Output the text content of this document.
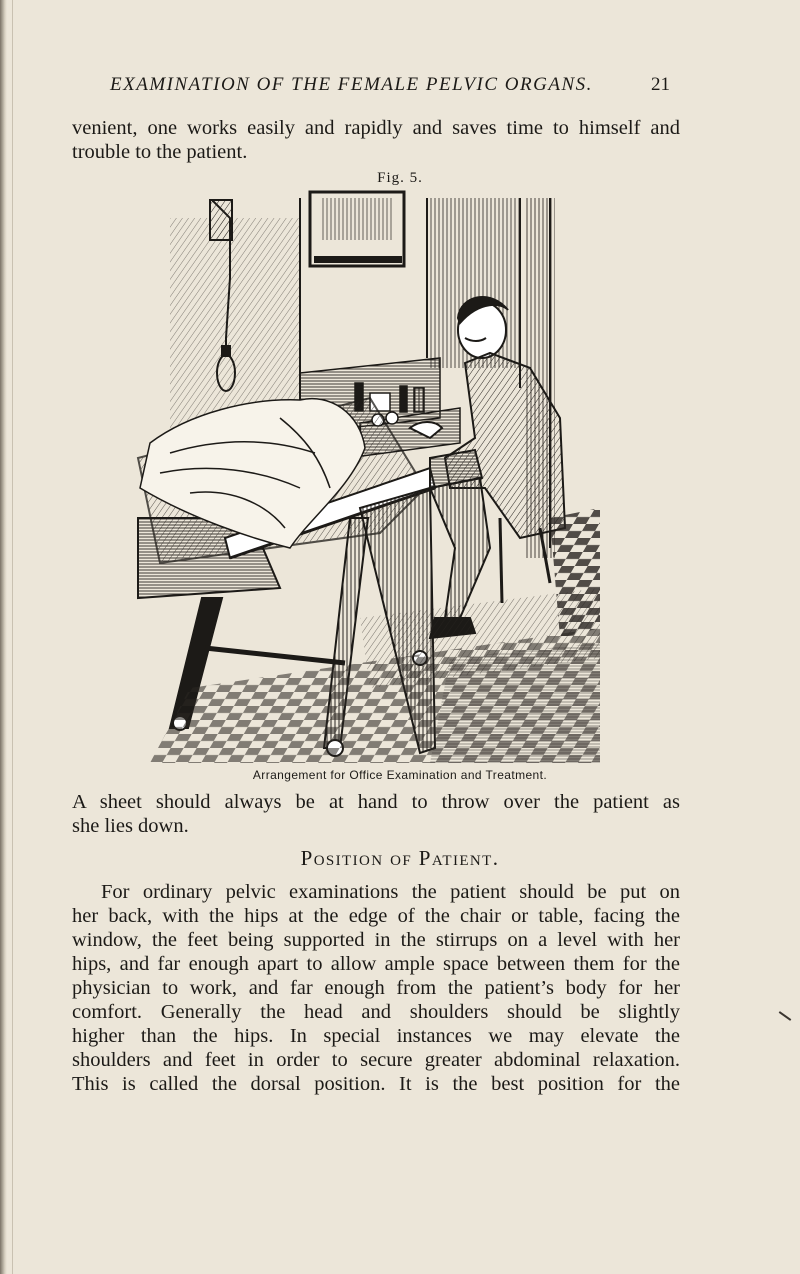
EXAMINATION OF THE FEMALE PELVIC ORGANS.	21
venient, one works easily and rapidly and saves time to himself and
trouble to the patient.
Fig. 5.
Arrangement for Office Examination and Treatment.
A sheet should always be at hand to throw over the patient as
she lies down.
Position of Patient.
For ordinary pelvic examinations the patient should be put on
her back, with the hips at the edge of the chair or table, facing the
window, the feet being supported in the stirrups on a level with her
hips, and far enough apart to allow ample space between them for the
physician to work, and far enough from the patient’s body for her
comfort. Generally the head and shoulders should be slightly
higher than the hips. In special instances we may elevate the
shoulders and feet in order to secure greater abdominal relaxation.
This is called the dorsal position. It is the best position for the
